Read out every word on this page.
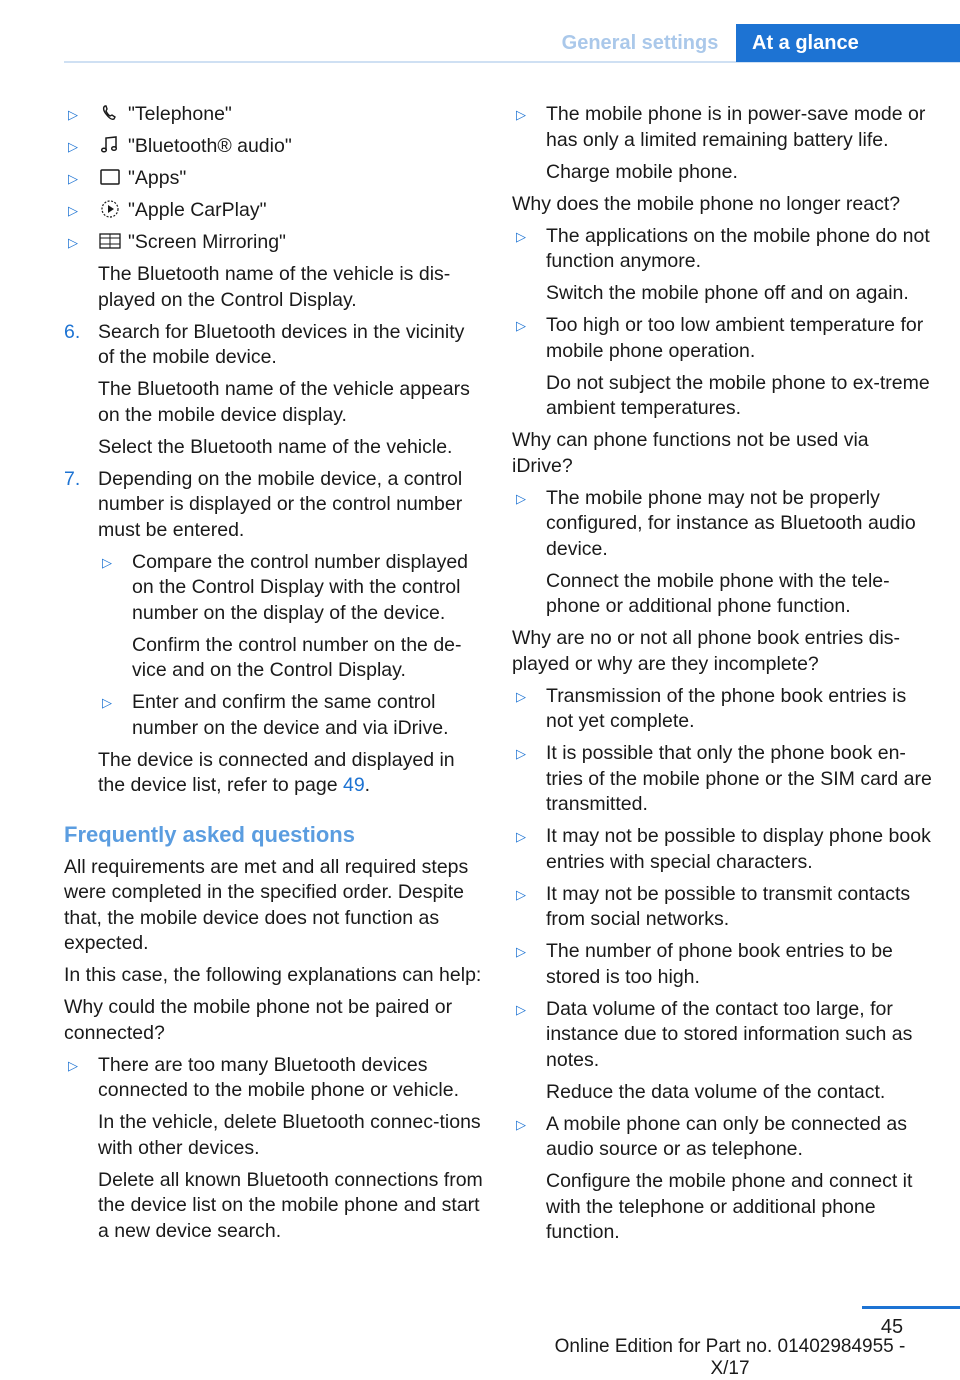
General settings	At a glance
▷	"Telephone"
▷	"Bluetooth® audio"
▷	"Apps"
▷	"Apple CarPlay"
▷	"Screen Mirroring"

The Bluetooth name of the vehicle is dis-played on the Control Display.

6. Search for Bluetooth devices in the vicinity of the mobile device.

The Bluetooth name of the vehicle appears on the mobile device display.

Select the Bluetooth name of the vehicle.

7. Depending on the mobile device, a control number is displayed or the control number must be entered.
▷ Compare the control number displayed on the Control Display with the control number on the display of the device.

Confirm the control number on the de-vice and on the Control Display.

▷ Enter and confirm the same control number on the device and via iDrive.

The device is connected and displayed in the device list, refer to page 49.

Frequently asked questions

All requirements are met and all required steps were completed in the specified order. Despite that, the mobile device does not function as expected.

In this case, the following explanations can help:

Why could the mobile phone not be paired or connected?

▷ There are too many Bluetooth devices connected to the mobile phone or vehicle.

In the vehicle, delete Bluetooth connec-tions with other devices.

Delete all known Bluetooth connections from the device list on the mobile phone and start a new device search.

▷ The mobile phone is in power-save mode or has only a limited remaining battery life.

Charge mobile phone.

Why does the mobile phone no longer react?

▷ The applications on the mobile phone do not function anymore.

Switch the mobile phone off and on again.

▷ Too high or too low ambient temperature for mobile phone operation.

Do not subject the mobile phone to ex-treme ambient temperatures.

Why can phone functions not be used via iDrive?

▷ The mobile phone may not be properly configured, for instance as Bluetooth audio device.

Connect the mobile phone with the tele-phone or additional phone function.

Why are no or not all phone book entries dis-played or why are they incomplete?

▷ Transmission of the phone book entries is not yet complete.
▷ It is possible that only the phone book en-tries of the mobile phone or the SIM card are transmitted.
▷ It may not be possible to display phone book entries with special characters.
▷ It may not be possible to transmit contacts from social networks.
▷ The number of phone book entries to be stored is too high.
▷ Data volume of the contact too large, for instance due to stored information such as notes.

Reduce the data volume of the contact.

▷ A mobile phone can only be connected as audio source or as telephone.

Configure the mobile phone and connect it with the telephone or additional phone function.

45
Online Edition for Part no. 01402984955 - X/17
